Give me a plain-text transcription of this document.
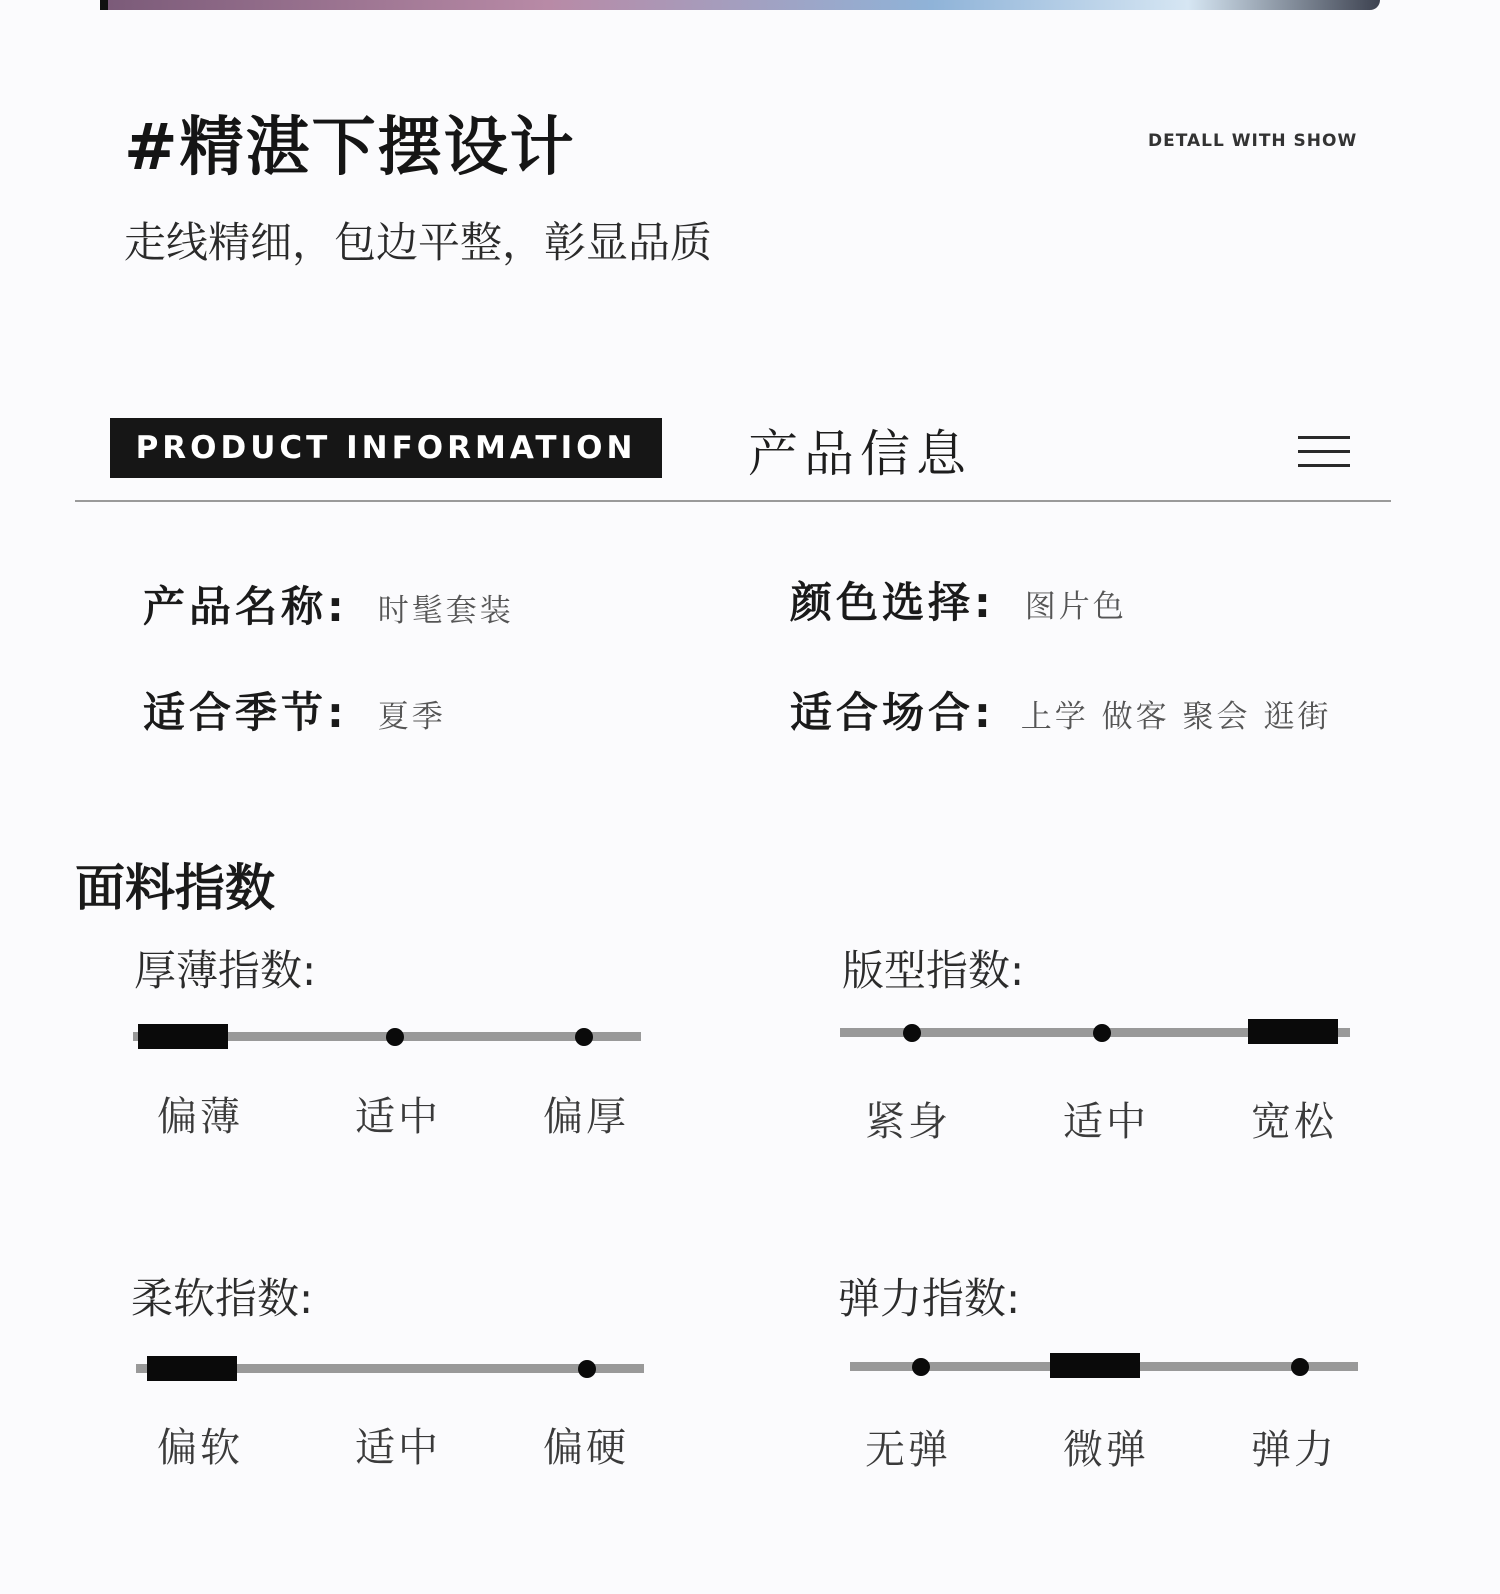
#精湛下摆设计	DETALL WITH SHOW
走线精细，包边平整，彰显品质
PRODUCT INFORMATION	产品信息
产品名称: 时髦套装	颜色选择: 图片色
适合季节: 夏季	适合场合: 上学 做客 聚会 逛街
面料指数
厚薄指数:
偏薄	适中	偏厚
版型指数:
紧身	适中	宽松
柔软指数:
偏软	适中	偏硬
弹力指数:
无弹	微弹	弹力
